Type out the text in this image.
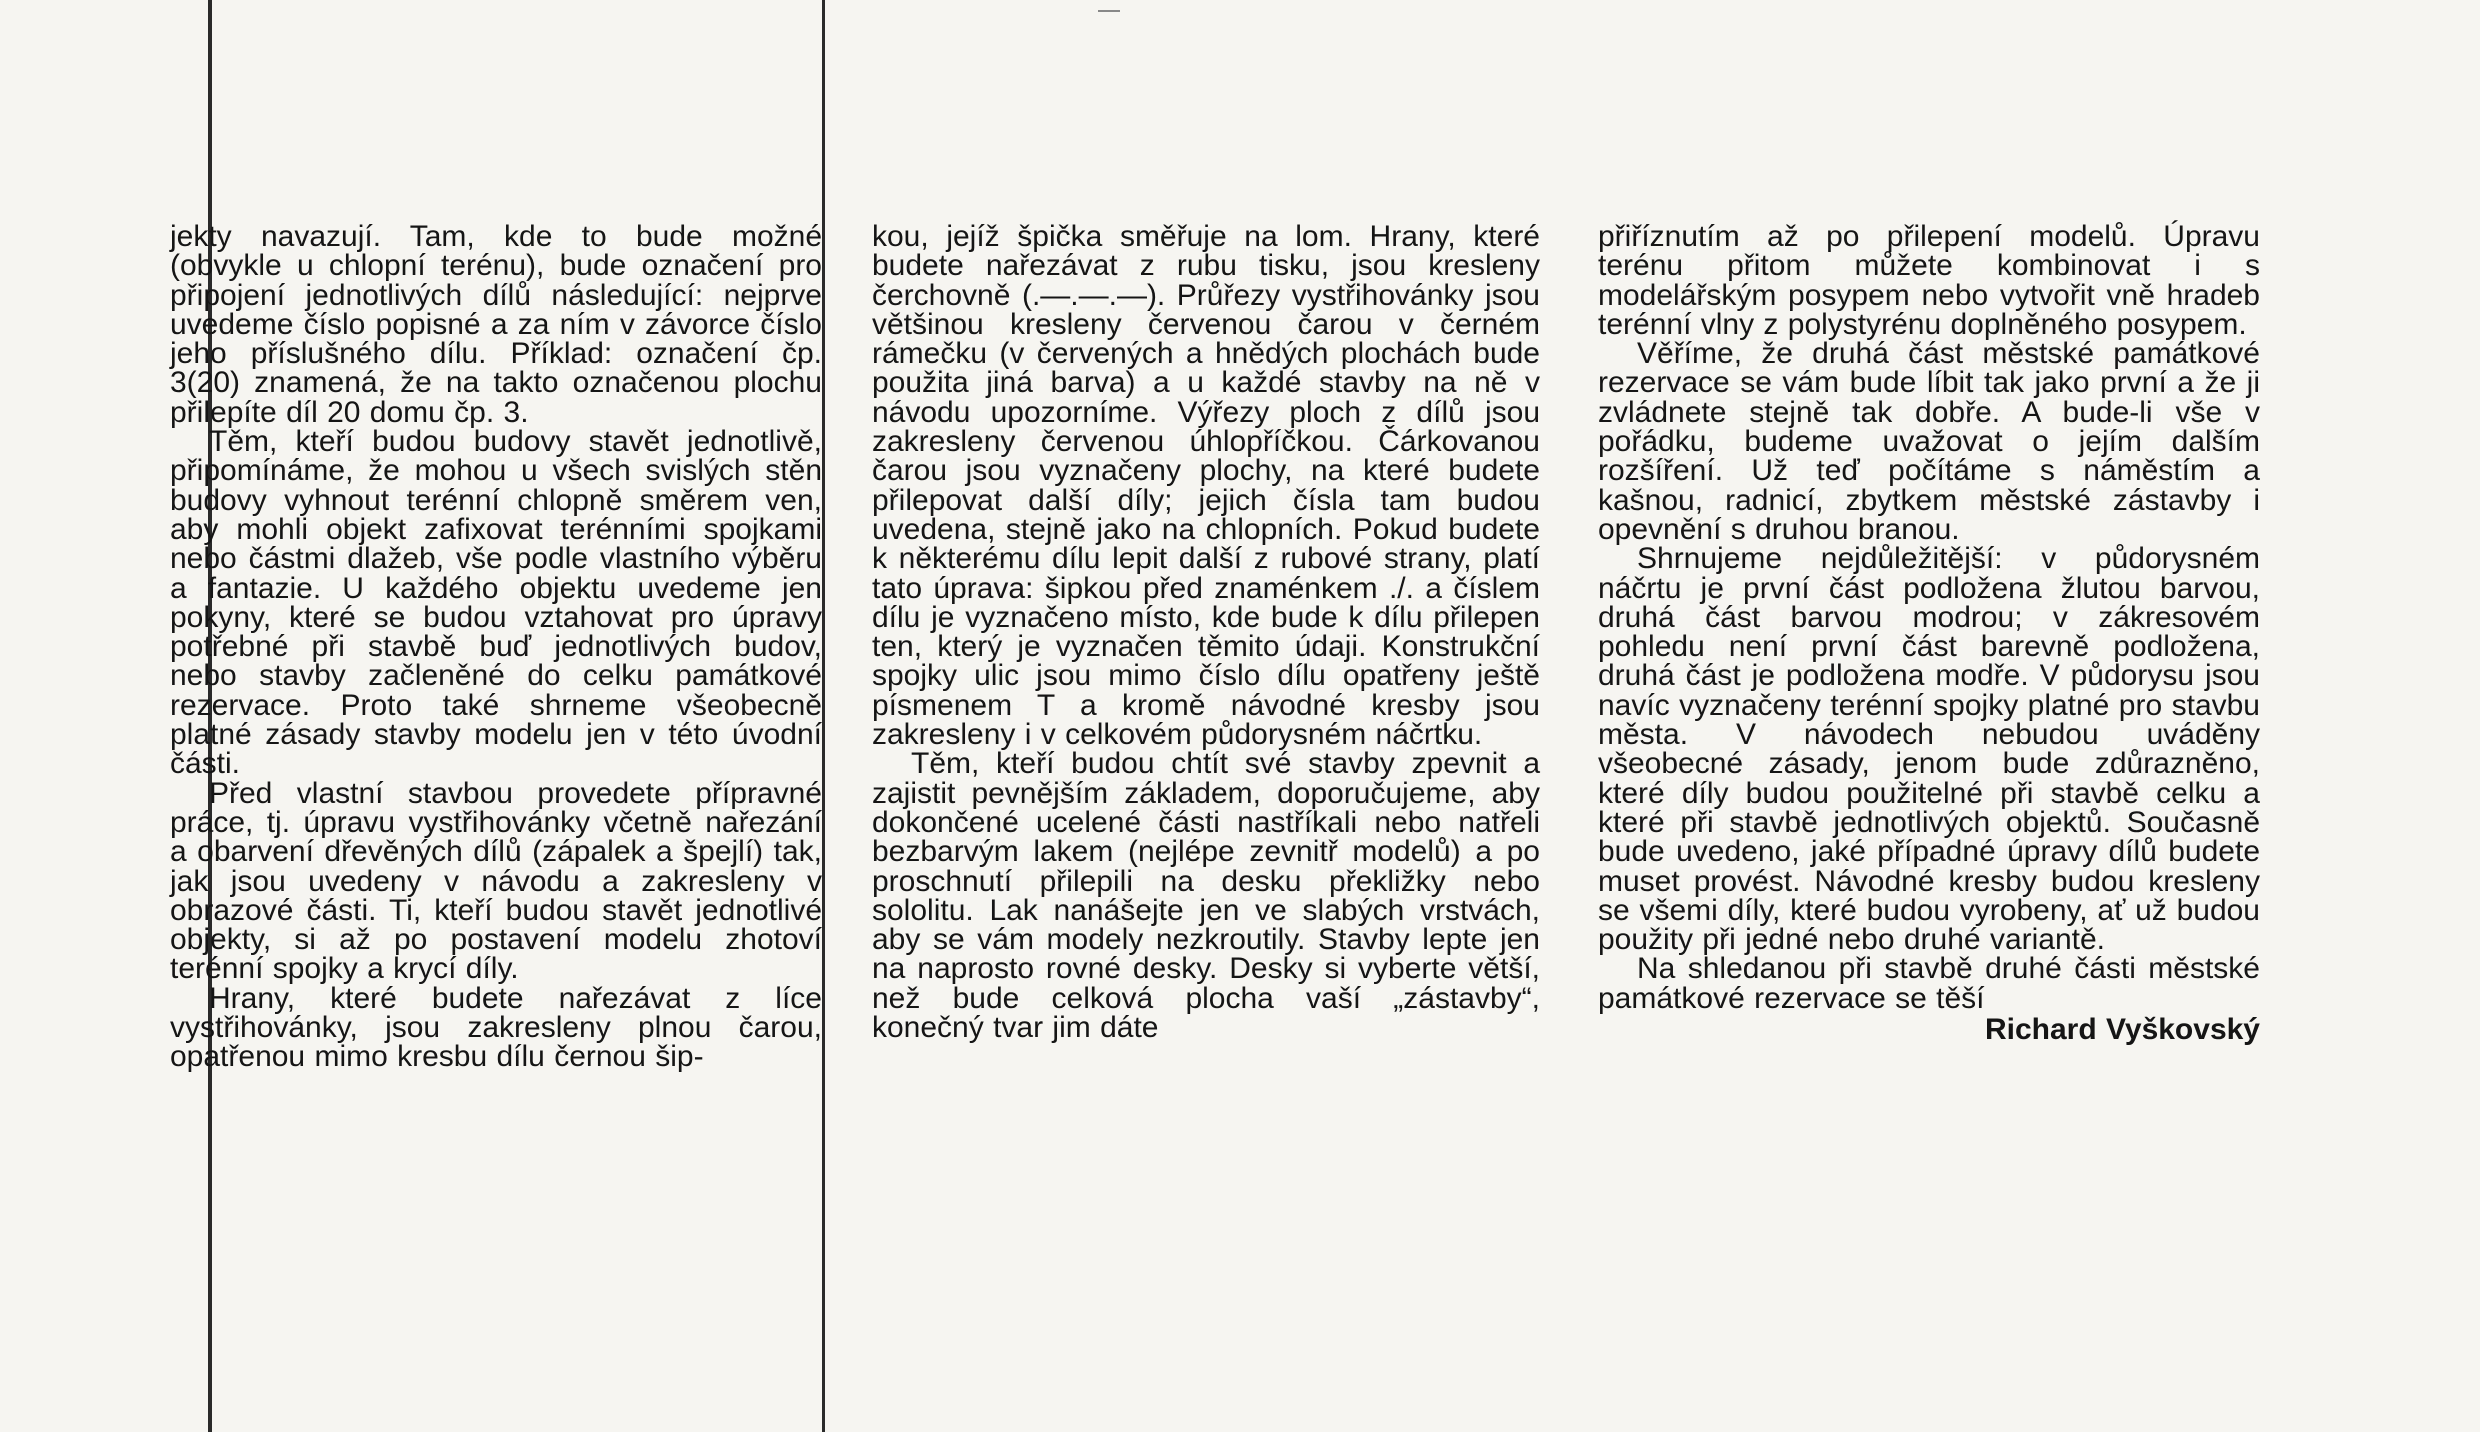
jekty navazují. Tam, kde to bude možné (obvykle u chlopní terénu), bude označení pro připojení jednotlivých dílů následující: nejprve uvedeme číslo popisné a za ním v závorce číslo jeho příslušného dílu. Příklad: označení čp. 3(20) znamená, že na takto označenou plochu přilepíte díl 20 domu čp. 3.

Těm, kteří budou budovy stavět jednotlivě, připomínáme, že mohou u všech svislých stěn budovy vyhnout terénní chlopně směrem ven, aby mohli objekt zafixovat terénními spojkami nebo částmi dlažeb, vše podle vlastního výběru a fantazie. U každého objektu uvedeme jen pokyny, které se budou vztahovat pro úpravy potřebné při stavbě buď jednotlivých budov, nebo stavby začleněné do celku památkové rezervace. Proto také shrneme všeobecně platné zásady stavby modelu jen v této úvodní části.

Před vlastní stavbou provedete přípravné práce, tj. úpravu vystřihovánky včetně nařezání a obarvení dřevěných dílů (zápalek a špejlí) tak, jak jsou uvedeny v návodu a zakresleny v obrazové části. Ti, kteří budou stavět jednotlivé objekty, si až po postavení modelu zhotoví terénní spojky a krycí díly.

Hrany, které budete nařezávat z líce vystřihovánky, jsou zakresleny plnou čarou, opatřenou mimo kresbu dílu černou šip-

kou, jejíž špička směřuje na lom. Hrany, které budete nařezávat z rubu tisku, jsou kresleny čerchovně (.—.—.—). Průřezy vystřihovánky jsou většinou kresleny červenou čarou v černém rámečku (v červených a hnědých plochách bude použita jiná barva) a u každé stavby na ně v návodu upozorníme. Výřezy ploch z dílů jsou zakresleny červenou úhlopříčkou. Čárkovanou čarou jsou vyznačeny plochy, na které budete přilepovat další díly; jejich čísla tam budou uvedena, stejně jako na chlopních. Pokud budete k některému dílu lepit další z rubové strany, platí tato úprava: šipkou před znaménkem ./. a číslem dílu je vyznačeno místo, kde bude k dílu přilepen ten, který je vyznačen těmito údaji. Konstrukční spojky ulic jsou mimo číslo dílu opatřeny ještě písmenem T a kromě návodné kresby jsou zakresleny i v celkovém půdorysném náčrtku.

Těm, kteří budou chtít své stavby zpevnit a zajistit pevnějším základem, doporučujeme, aby dokončené ucelené části nastříkali nebo natřeli bezbarvým lakem (nejlépe zevnitř modelů) a po proschnutí přilepili na desku překližky nebo sololitu. Lak nanášejte jen ve slabých vrstvách, aby se vám modely nezkroutily. Stavby lepte jen na naprosto rovné desky. Desky si vyberte větší, než bude celková plocha vaší „zástavby“, konečný tvar jim dáte

přiříznutím až po přilepení modelů. Úpravu terénu přitom můžete kombinovat i s modelářským posypem nebo vytvořit vně hradeb terénní vlny z polystyrénu doplněného posypem.

Věříme, že druhá část městské památkové rezervace se vám bude líbit tak jako první a že ji zvládnete stejně tak dobře. A bude-li vše v pořádku, budeme uvažovat o jejím dalším rozšíření. Už teď počítáme s náměstím a kašnou, radnicí, zbytkem městské zástavby i opevnění s druhou branou.

Shrnujeme nejdůležitější: v půdorysném náčrtu je první část podložena žlutou barvou, druhá část barvou modrou; v zákresovém pohledu není první část barevně podložena, druhá část je podložena modře. V půdorysu jsou navíc vyznačeny terénní spojky platné pro stavbu města. V návodech nebudou uváděny všeobecné zásady, jenom bude zdůrazněno, které díly budou použitelné při stavbě celku a které při stavbě jednotlivých objektů. Současně bude uvedeno, jaké případné úpravy dílů budete muset provést. Návodné kresby budou kresleny se všemi díly, které budou vyrobeny, ať už budou použity při jedné nebo druhé variantě.

Na shledanou při stavbě druhé části městské památkové rezervace se těší

Richard Vyškovský
